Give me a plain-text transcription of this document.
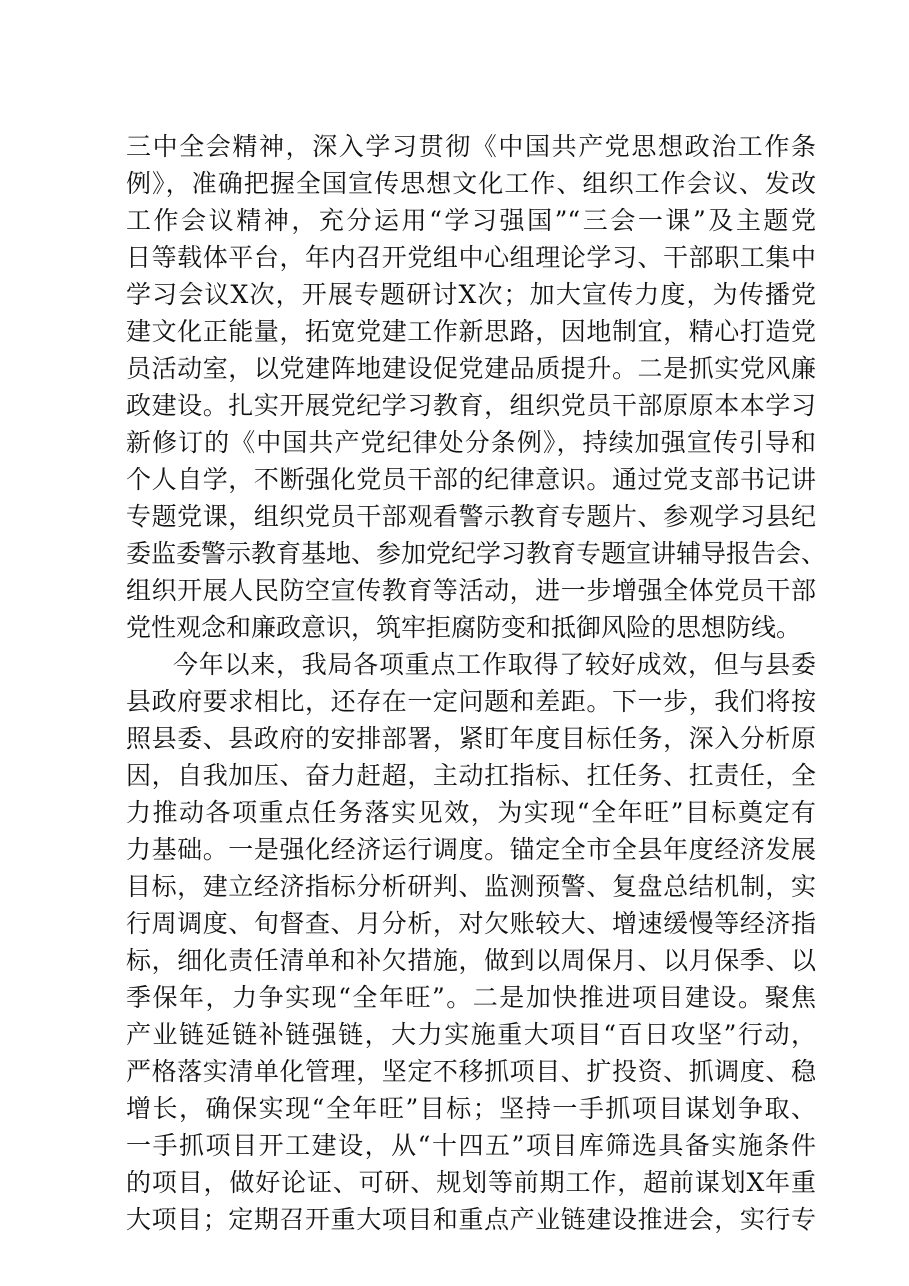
三中全会精神，深入学习贯彻《中国共产党思想政治工作条
例》，准确把握全国宣传思想文化工作、组织工作会议、发改
工作会议精神，充分运用“学习强国”“三会一课”及主题党
日等载体平台，年内召开党组中心组理论学习、干部职工集中
学习会议X次，开展专题研讨X次；加大宣传力度，为传播党
建文化正能量，拓宽党建工作新思路，因地制宜，精心打造党
员活动室，以党建阵地建设促党建品质提升。二是抓实党风廉
政建设。扎实开展党纪学习教育，组织党员干部原原本本学习
新修订的《中国共产党纪律处分条例》，持续加强宣传引导和
个人自学，不断强化党员干部的纪律意识。通过党支部书记讲
专题党课，组织党员干部观看警示教育专题片、参观学习县纪
委监委警示教育基地、参加党纪学习教育专题宣讲辅导报告会、
组织开展人民防空宣传教育等活动，进一步增强全体党员干部
党性观念和廉政意识，筑牢拒腐防变和抵御风险的思想防线。
今年以来，我局各项重点工作取得了较好成效，但与县委
县政府要求相比，还存在一定问题和差距。下一步，我们将按
照县委、县政府的安排部署，紧盯年度目标任务，深入分析原
因，自我加压、奋力赶超，主动扛指标、扛任务、扛责任，全
力推动各项重点任务落实见效，为实现“全年旺”目标奠定有
力基础。一是强化经济运行调度。锚定全市全县年度经济发展
目标，建立经济指标分析研判、监测预警、复盘总结机制，实
行周调度、旬督查、月分析，对欠账较大、增速缓慢等经济指
标，细化责任清单和补欠措施，做到以周保月、以月保季、以
季保年，力争实现“全年旺”。二是加快推进项目建设。聚焦
产业链延链补链强链，大力实施重大项目“百日攻坚”行动，
严格落实清单化管理，坚定不移抓项目、扩投资、抓调度、稳
增长，确保实现“全年旺”目标；坚持一手抓项目谋划争取、
一手抓项目开工建设，从“十四五”项目库筛选具备实施条件
的项目，做好论证、可研、规划等前期工作，超前谋划X年重
大项目；定期召开重大项目和重点产业链建设推进会，实行专
